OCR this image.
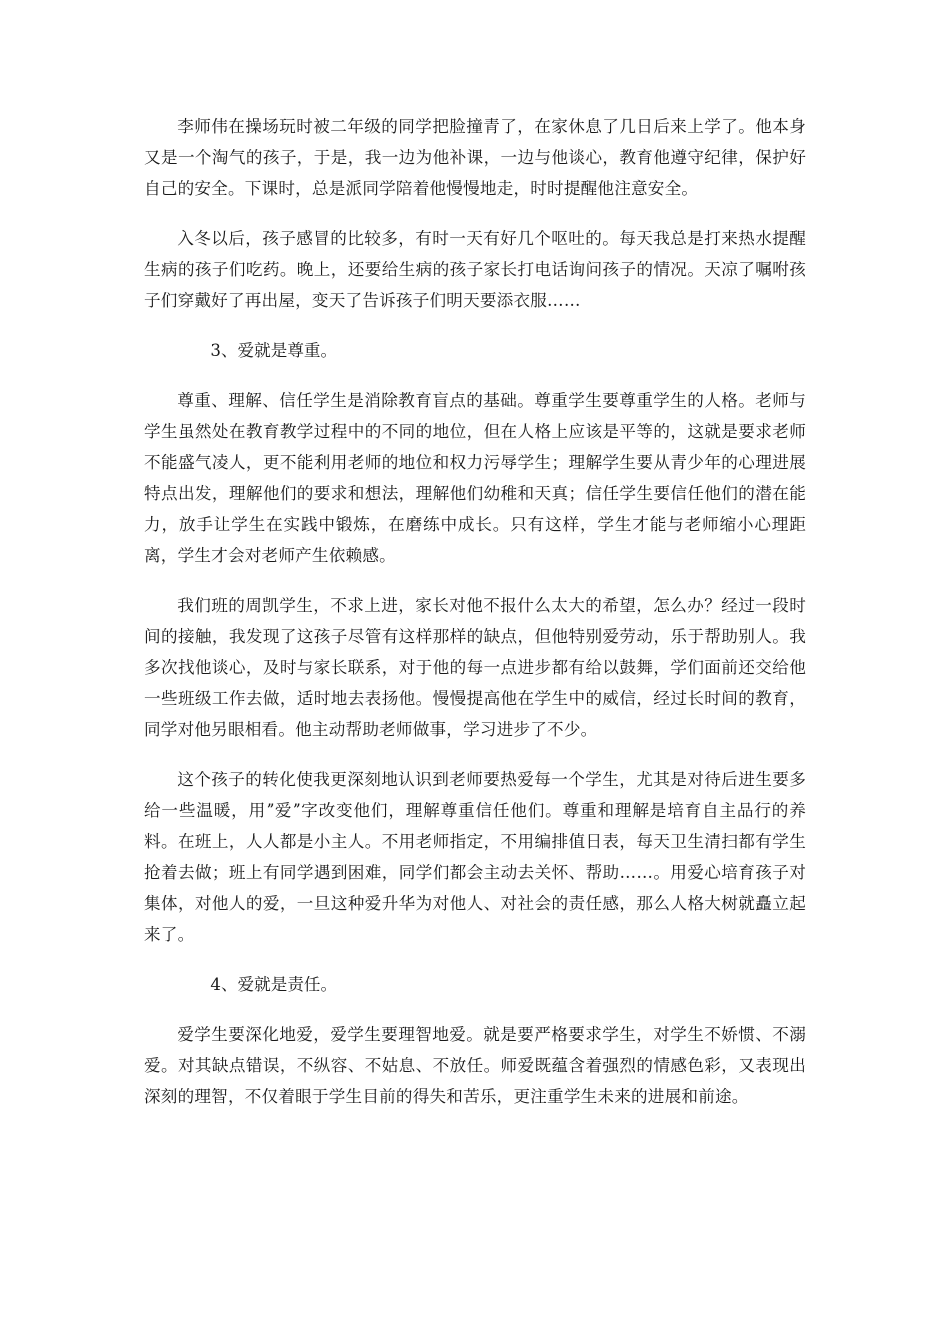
李师伟在操场玩时被二年级的同学把脸撞青了，在家休息了几日后来上学了。他本身又是一个淘气的孩子，于是，我一边为他补课，一边与他谈心，教育他遵守纪律，保护好自己的安全。下课时，总是派同学陪着他慢慢地走，时时提醒他注意安全。

入冬以后，孩子感冒的比较多，有时一天有好几个呕吐的。每天我总是打来热水提醒生病的孩子们吃药。晚上，还要给生病的孩子家长打电话询问孩子的情况。天凉了嘱咐孩子们穿戴好了再出屋，变天了告诉孩子们明天要添衣服……

3、爱就是尊重。

尊重、理解、信任学生是消除教育盲点的基础。尊重学生要尊重学生的人格。老师与学生虽然处在教育教学过程中的不同的地位，但在人格上应该是平等的，这就是要求老师不能盛气凌人，更不能利用老师的地位和权力污辱学生；理解学生要从青少年的心理进展特点出发，理解他们的要求和想法，理解他们幼稚和天真；信任学生要信任他们的潜在能力，放手让学生在实践中锻炼，在磨练中成长。只有这样，学生才能与老师缩小心理距离，学生才会对老师产生依赖感。

我们班的周凯学生，不求上进，家长对他不报什么太大的希望，怎么办？经过一段时间的接触，我发现了这孩子尽管有这样那样的缺点，但他特别爱劳动，乐于帮助别人。我多次找他谈心，及时与家长联系，对于他的每一点进步都有给以鼓舞，学们面前还交给他一些班级工作去做，适时地去表扬他。慢慢提高他在学生中的威信，经过长时间的教育，同学对他另眼相看。他主动帮助老师做事，学习进步了不少。

这个孩子的转化使我更深刻地认识到老师要热爱每一个学生，尤其是对待后进生要多给一些温暖，用ˮ爱ˮ字改变他们，理解尊重信任他们。尊重和理解是培育自主品行的养料。在班上，人人都是小主人。不用老师指定，不用编排值日表，每天卫生清扫都有学生抢着去做；班上有同学遇到困难，同学们都会主动去关怀、帮助……。用爱心培育孩子对集体，对他人的爱，一旦这种爱升华为对他人、对社会的责任感，那么人格大树就矗立起来了。

4、爱就是责任。

爱学生要深化地爱，爱学生要理智地爱。就是要严格要求学生，对学生不娇惯、不溺爱。对其缺点错误，不纵容、不姑息、不放任。师爱既蕴含着强烈的情感色彩，又表现出深刻的理智，不仅着眼于学生目前的得失和苦乐，更注重学生未来的进展和前途。
